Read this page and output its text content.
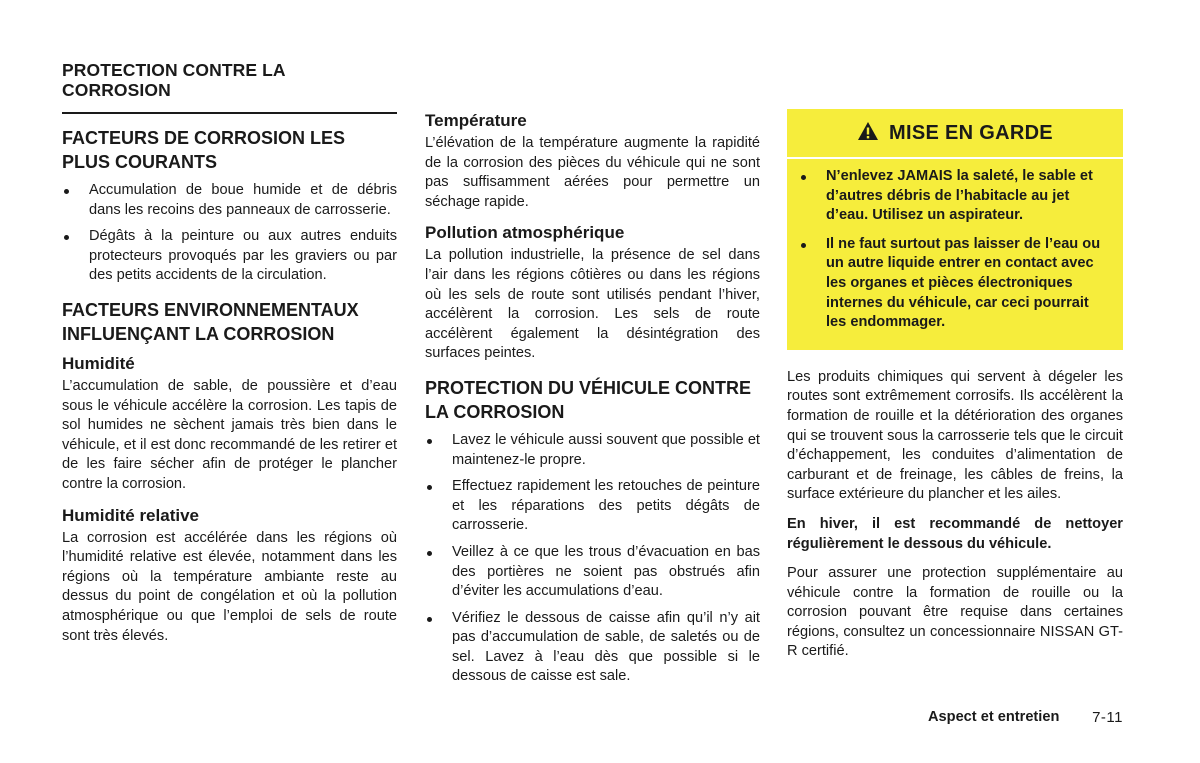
PROTECTION CONTRE LA CORROSION
FACTEURS DE CORROSION LES PLUS COURANTS
Accumulation de boue humide et de débris dans les recoins des panneaux de carrosserie.
Dégâts à la peinture ou aux autres enduits protecteurs provoqués par les graviers ou par des petits accidents de la circulation.
FACTEURS ENVIRONNEMENTAUX INFLUENÇANT LA CORROSION
Humidité

L’accumulation de sable, de poussière et d’eau sous le véhicule accélère la corrosion. Les tapis de sol humides ne sèchent jamais très bien dans le véhicule, et il est donc recommandé de les retirer et de les faire sécher afin de protéger le plancher contre la corrosion.

Humidité relative

La corrosion est accélérée dans les régions où l’humidité relative est élevée, notamment dans les régions où la température ambiante reste au dessus du point de congélation et où la pollution atmosphérique ou que l’emploi de sels de route sont très élevés.

Température

L’élévation de la température augmente la rapidité de la corrosion des pièces du véhicule qui ne sont pas suffisamment aérées pour permettre un séchage rapide.

Pollution atmosphérique

La pollution industrielle, la présence de sel dans l’air dans les régions côtières ou dans les régions où les sels de route sont utilisés pendant l’hiver, accélèrent la corrosion. Les sels de route accélèrent également la désintégration des surfaces peintes.

PROTECTION DU VÉHICULE CONTRE LA CORROSION
Lavez le véhicule aussi souvent que possible et maintenez-le propre.
Effectuez rapidement les retouches de peinture et les réparations des petits dégâts de carrosserie.
Veillez à ce que les trous d’évacuation en bas des portières ne soient pas obstrués afin d’éviter les accumulations d’eau.
Vérifiez le dessous de caisse afin qu’il n’y ait pas d’accumulation de sable, de saletés ou de sel. Lavez à l’eau dès que possible si le dessous de caisse est sale.
MISE EN GARDE
N’enlevez JAMAIS la saleté, le sable et d’autres débris de l’habitacle au jet d’eau. Utilisez un aspirateur.
Il ne faut surtout pas laisser de l’eau ou un autre liquide entrer en contact avec les organes et pièces électroniques internes du véhicule, car ceci pourrait les endommager.

Les produits chimiques qui servent à dégeler les routes sont extrêmement corrosifs. Ils accélèrent la formation de rouille et la détérioration des organes qui se trouvent sous la carrosserie tels que le circuit d’échappement, les conduites d’alimentation de carburant et de freinage, les câbles de freins, la surface extérieure du plancher et les ailes.

En hiver, il est recommandé de nettoyer régulièrement le dessous du véhicule.

Pour assurer une protection supplémentaire au véhicule contre la formation de rouille ou la corrosion pouvant être requise dans certaines régions, consultez un concessionnaire NISSAN GT-R certifié.

Aspect et entretien 7-11
